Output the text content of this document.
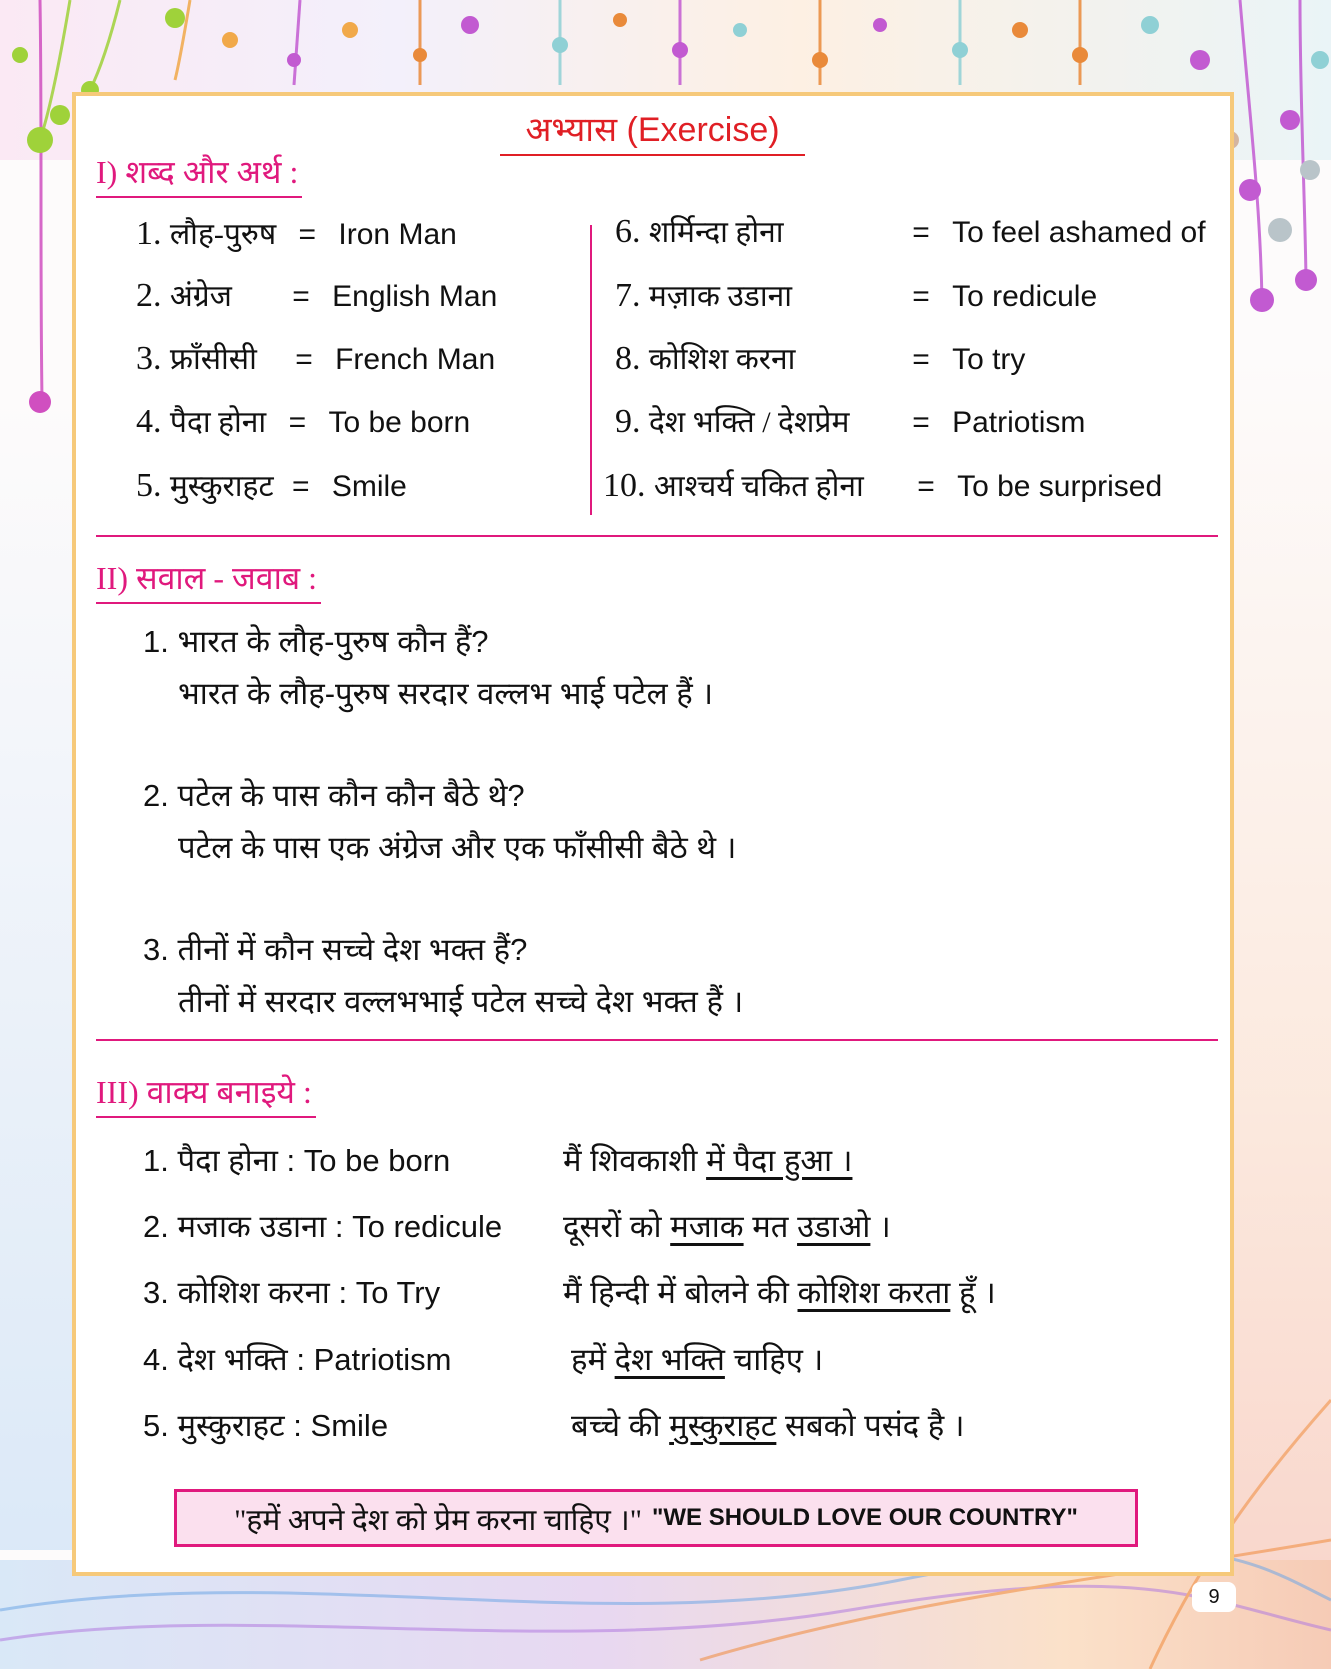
अभ्यास (Exercise)
I) शब्द और अर्थ :
1. लौह-पुरुष = Iron Man
2. अंग्रेज = English Man
3. फ्राँसीसी = French Man
4. पैदा होना = To be born
5. मुस्कुराहट = Smile
6. शर्मिन्दा होना	= To feel ashamed of
7. मज़ाक उडाना	= To redicule
8. कोशिश करना	= To try
9. देश भक्ति / देशप्रेम = Patriotism
10. आश्चर्य चकित होना = To be surprised
II) सवाल - जवाब :
1. भारत के लौह-पुरुष कौन हैं?
भारत के लौह-पुरुष सरदार वल्लभ भाई पटेल हैं ।
2. पटेल के पास कौन कौन बैठे थे?
पटेल के पास एक अंग्रेज और एक फाँसीसी बैठे थे ।
3. तीनों में कौन सच्चे देश भक्त हैं?
तीनों में सरदार वल्लभभाई पटेल सच्चे देश भक्त हैं ।
III) वाक्य बनाइये :
1. पैदा होना : To be born	मैं शिवकाशी में पैदा हुआ ।
2. मजाक उडाना : To redicule दूसरों को मजाक मत उडाओ ।
3. कोशिश करना : To Try	मैं हिन्दी में बोलने की कोशिश करता हूँ ।
4. देश भक्ति : Patriotism	हमें देश भक्ति चाहिए ।
5. मुस्कुराहट : Smile	बच्चे की मुस्कुराहट सबको पसंद है ।
"हमें अपने देश को प्रेम करना चाहिए ।" "WE SHOULD LOVE OUR COUNTRY"
9
